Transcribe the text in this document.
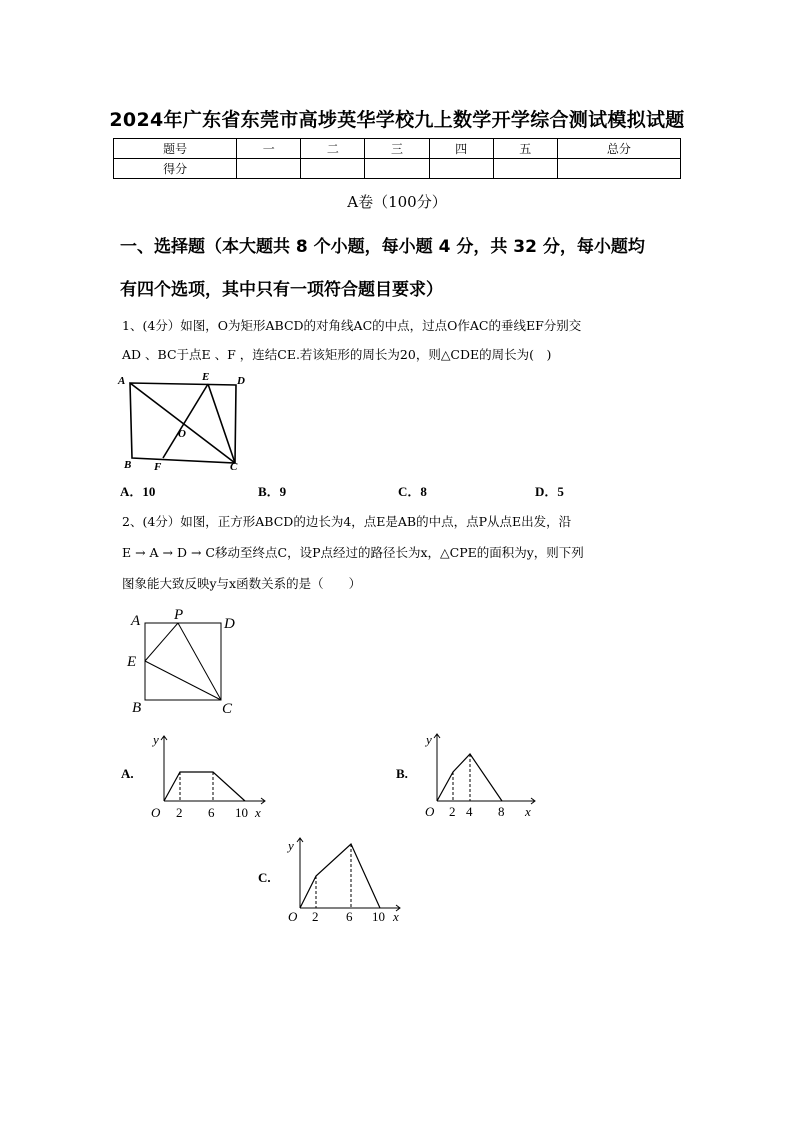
2024年广东省东莞市高埗英华学校九上数学开学综合测试模拟试题
题号	一	二	三	四	五	总分
得分						
A卷（100分）
一、选择题（本大题共 8 个小题，每小题 4 分，共 32 分，每小题均
有四个选项，其中只有一项符合题目要求）
1、(4分）如图，O为矩形ABCD的对角线AC的中点，过点O作AC的垂线EF分别交
AD 、BC于点E 、F ，连结CE.若该矩形的周长为20，则△CDE的周长为(　)
A
B	C
D
E
F
O
A．10	B．9	C．8	D．5
2、(4分）如图，正方形ABCD的边长为4，点E是AB的中点，点P从点E出发，沿
E → A → D → C移动至终点C，设P点经过的路径长为x，△CPE的面积为y，则下列
图象能大致反映y与x函数关系的是（　　）
A
B	C
D
E
P
A.
y
x
O 2 6 10
B.
y
x
O 2 4 8
C.
y
x
O 2 6 10
